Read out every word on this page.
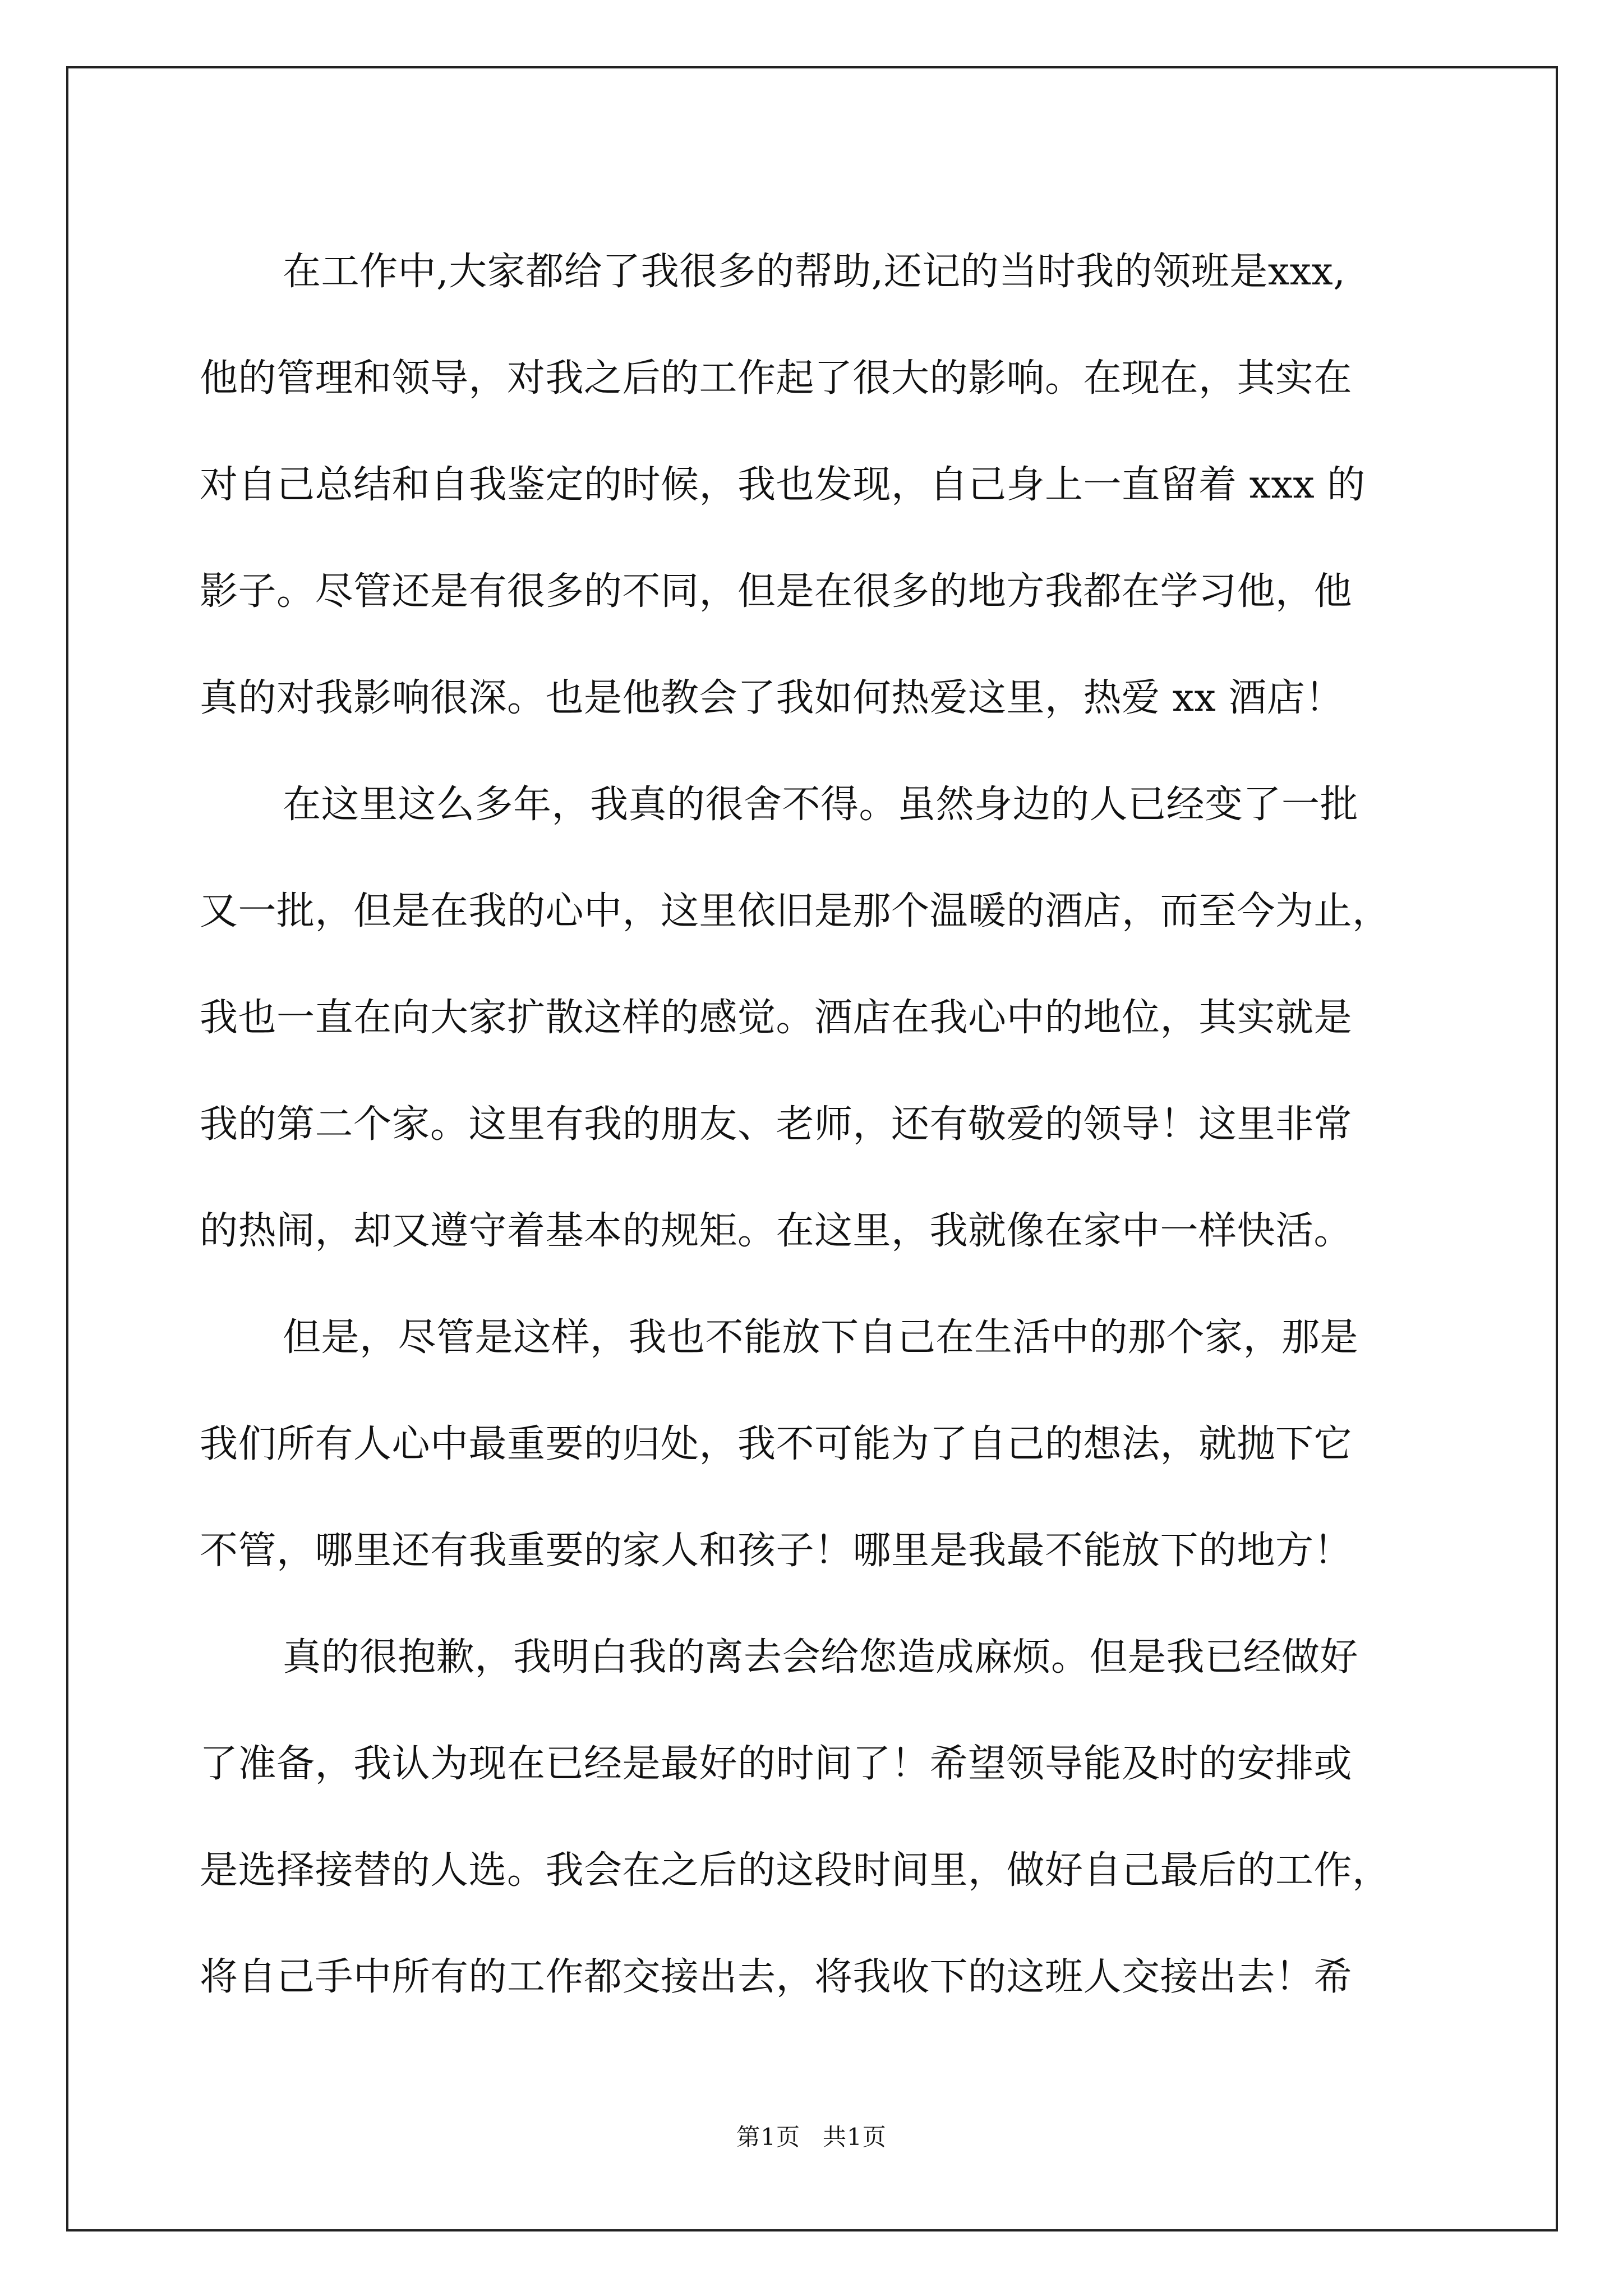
在工作中,大家都给了我很多的帮助,还记的当时我的领班是xxx,
他的管理和领导，对我之后的工作起了很大的影响。在现在，其实在
对自己总结和自我鉴定的时候，我也发现，自己身上一直留着 xxx 的
影子。尽管还是有很多的不同，但是在很多的地方我都在学习他，他
真的对我影响很深。也是他教会了我如何热爱这里，热爱 xx 酒店！
在这里这么多年，我真的很舍不得。虽然身边的人已经变了一批
又一批，但是在我的心中，这里依旧是那个温暖的酒店，而至今为止，
我也一直在向大家扩散这样的感觉。酒店在我心中的地位，其实就是
我的第二个家。这里有我的朋友、老师，还有敬爱的领导！这里非常
的热闹，却又遵守着基本的规矩。在这里，我就像在家中一样快活。
但是，尽管是这样，我也不能放下自己在生活中的那个家，那是
我们所有人心中最重要的归处，我不可能为了自己的想法，就抛下它
不管，哪里还有我重要的家人和孩子！哪里是我最不能放下的地方！
真的很抱歉，我明白我的离去会给您造成麻烦。但是我已经做好
了准备，我认为现在已经是最好的时间了！希望领导能及时的安排或
是选择接替的人选。我会在之后的这段时间里，做好自己最后的工作，
将自己手中所有的工作都交接出去，将我收下的这班人交接出去！希
第1页 共1页
